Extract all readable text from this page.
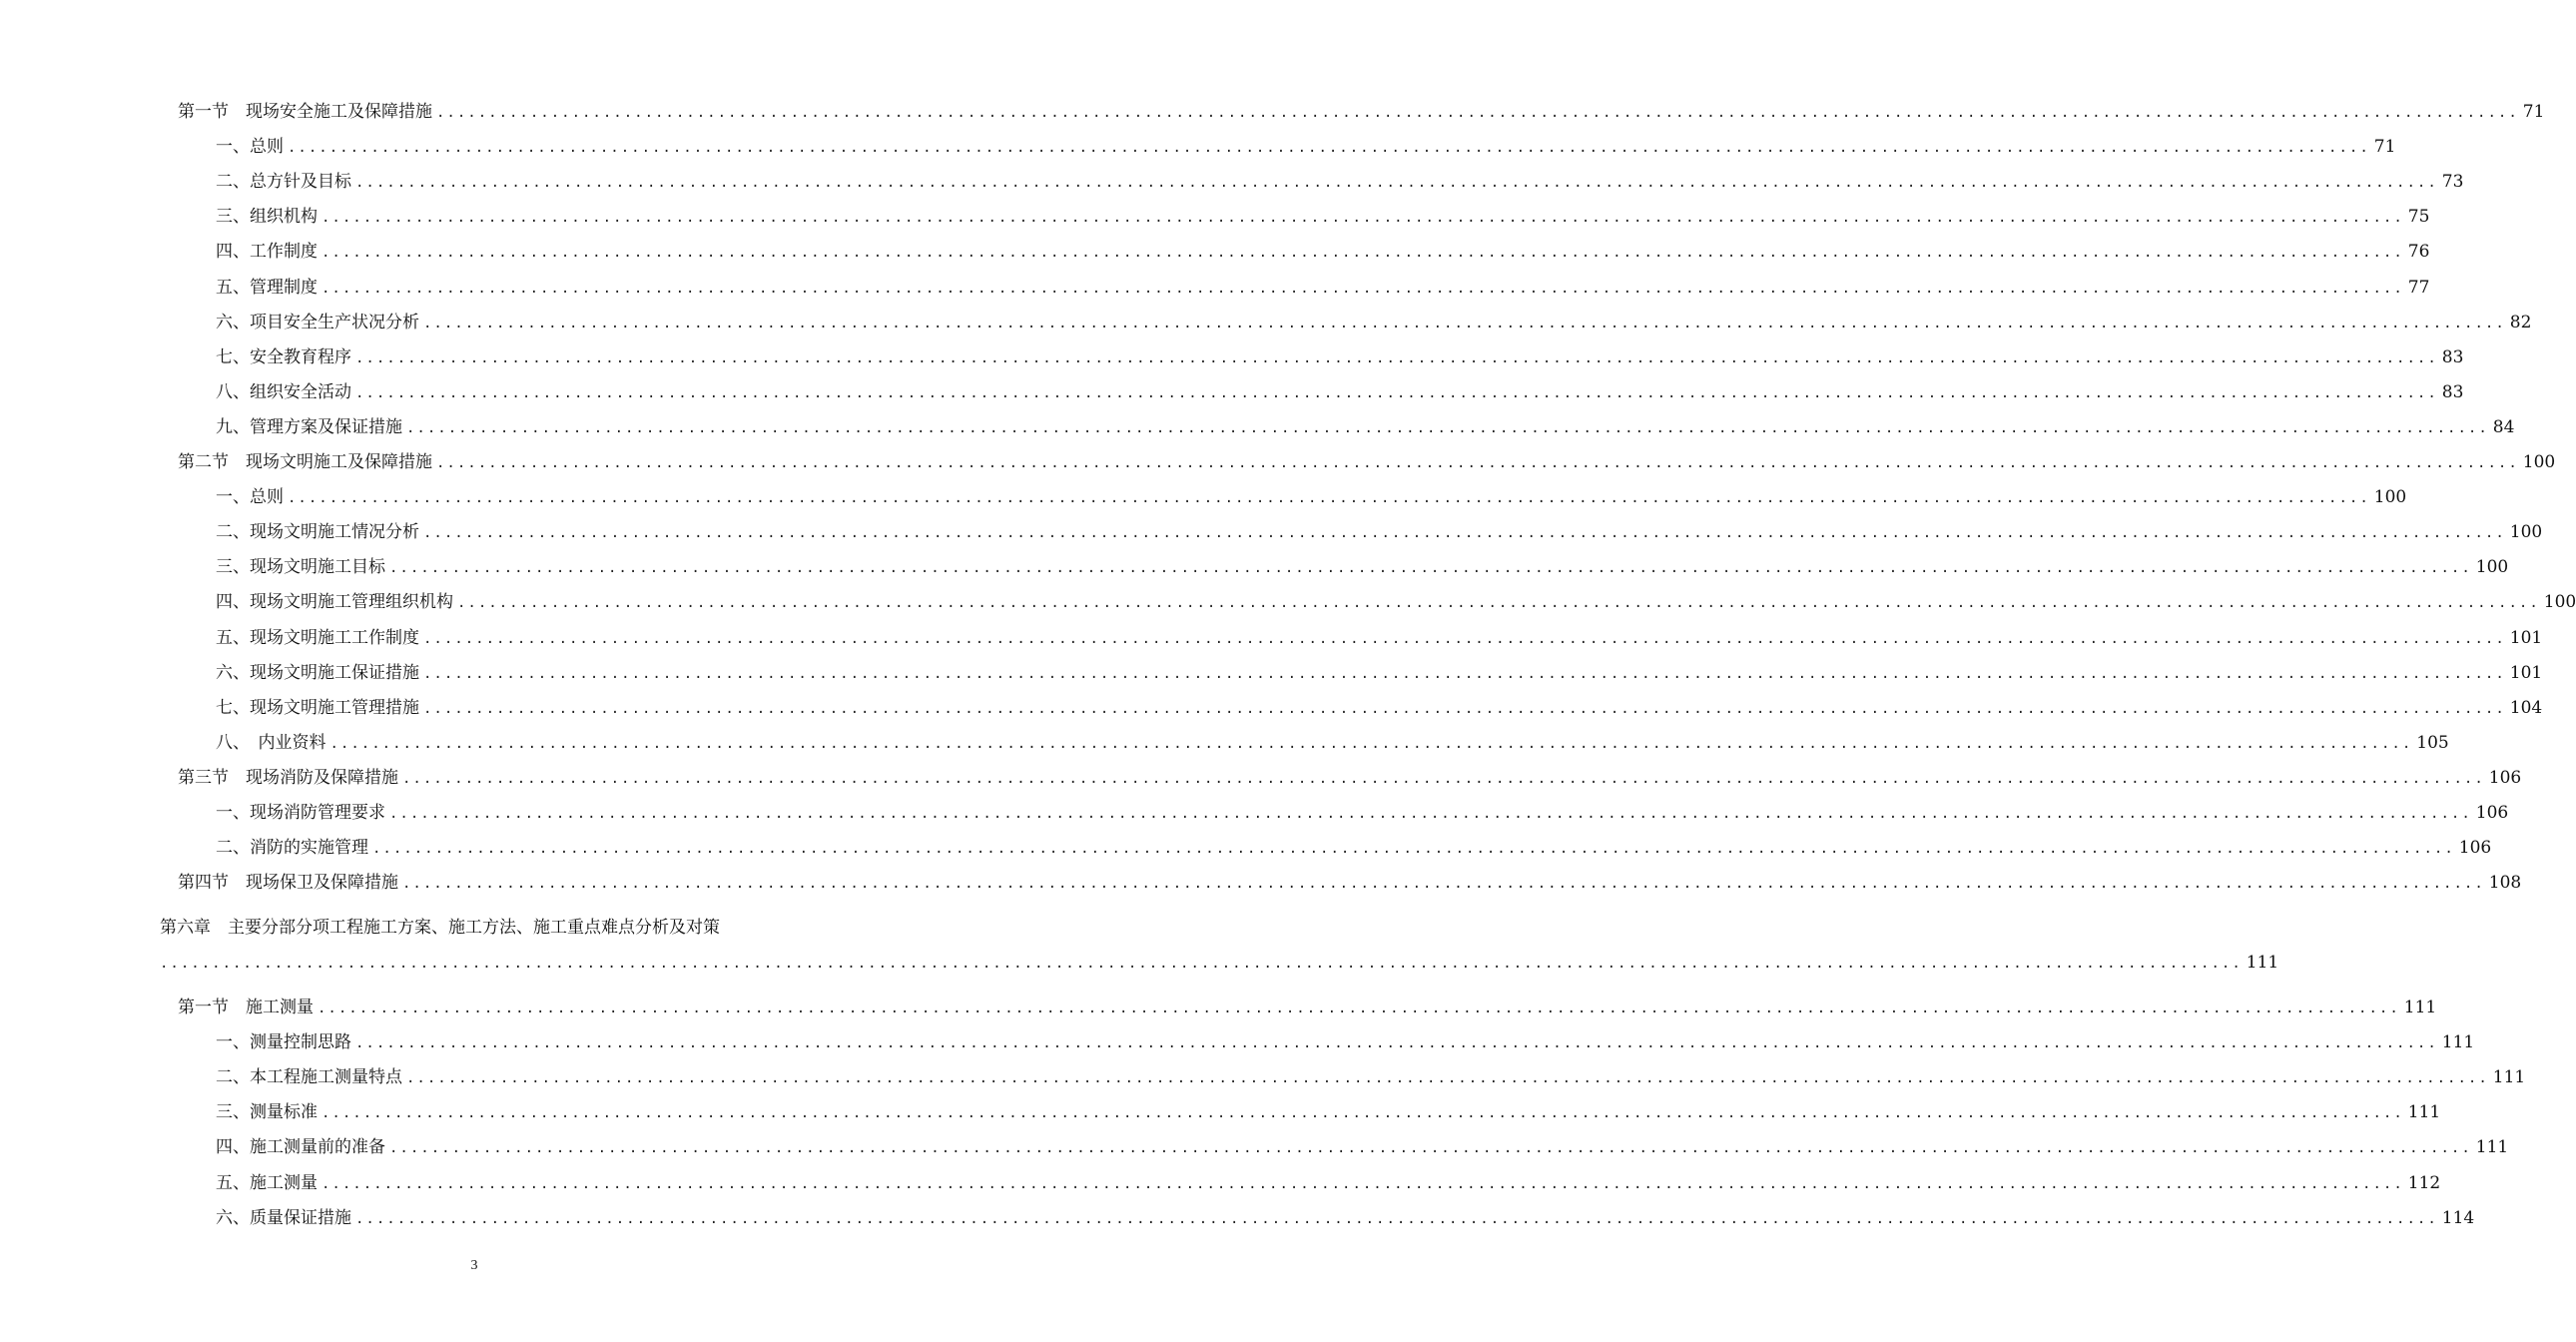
第一节　现场安全施工及保障措施 ........................................................................................................................................................................................................ 71
一、总则 ........................................................................................................................................................................................................ 71
二、总方针及目标 ........................................................................................................................................................................................................ 73
三、组织机构 ........................................................................................................................................................................................................ 75
四、工作制度 ........................................................................................................................................................................................................ 76
五、管理制度 ........................................................................................................................................................................................................ 77
六、项目安全生产状况分析 ........................................................................................................................................................................................................ 82
七、安全教育程序 ........................................................................................................................................................................................................ 83
八、组织安全活动 ........................................................................................................................................................................................................ 83
九、管理方案及保证措施 ........................................................................................................................................................................................................ 84
第二节　现场文明施工及保障措施 ........................................................................................................................................................................................................ 100
一、总则 ........................................................................................................................................................................................................ 100
二、现场文明施工情况分析 ........................................................................................................................................................................................................ 100
三、现场文明施工目标 ........................................................................................................................................................................................................ 100
四、现场文明施工管理组织机构 ........................................................................................................................................................................................................ 100
五、现场文明施工工作制度 ........................................................................................................................................................................................................ 101
六、现场文明施工保证措施 ........................................................................................................................................................................................................ 101
七、现场文明施工管理措施 ........................................................................................................................................................................................................ 104
八、　内业资料 ........................................................................................................................................................................................................ 105
第三节　现场消防及保障措施 ........................................................................................................................................................................................................ 106
一、现场消防管理要求 ........................................................................................................................................................................................................ 106
二、消防的实施管理 ........................................................................................................................................................................................................ 106
第四节　现场保卫及保障措施 ........................................................................................................................................................................................................ 108
第一节　施工测量 ........................................................................................................................................................................................................ 111
一、测量控制思路 ........................................................................................................................................................................................................ 111
二、本工程施工测量特点 ........................................................................................................................................................................................................ 111
三、测量标准 ........................................................................................................................................................................................................ 111
四、施工测量前的准备 ........................................................................................................................................................................................................ 111
五、施工测量 ........................................................................................................................................................................................................ 112
六、质量保证措施 ........................................................................................................................................................................................................ 114
第六章　主要分部分项工程施工方案、施工方法、施工重点难点分析及对策
........................................................................................................................................................................................................ 111
3
